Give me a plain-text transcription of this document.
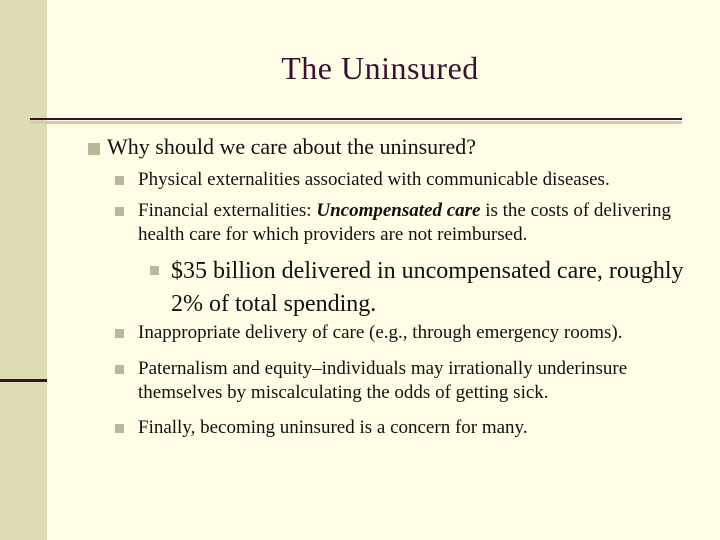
The Uninsured
Why should we care about the uninsured?
Physical externalities associated with communicable diseases.
Financial externalities: Uncompensated care is the costs of delivering health care for which providers are not reimbursed.
$35 billion delivered in uncompensated care, roughly 2% of total spending.
Inappropriate delivery of care (e.g., through emergency rooms).
Paternalism and equity–individuals may irrationally underinsure themselves by miscalculating the odds of getting sick.
Finally, becoming uninsured is a concern for many.
